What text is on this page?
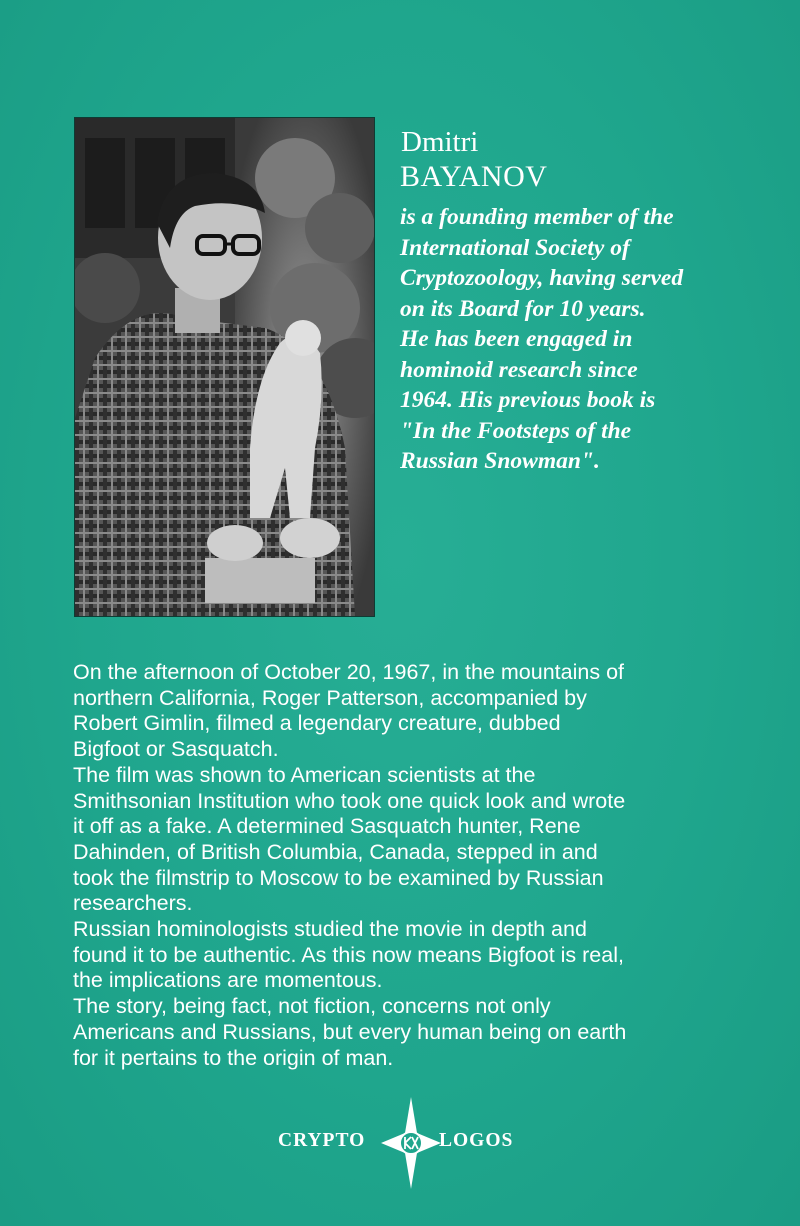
Dmitri
BAYANOV
is a founding member of the
International Society of
Cryptozoology, having served
on its Board for 10 years.
He has been engaged in
hominoid research since
1964. His previous book is
"In the Footsteps of the
Russian Snowman".
On the afternoon of October 20, 1967, in the mountains of
northern California, Roger Patterson, accompanied by
Robert Gimlin, filmed a legendary creature, dubbed
Bigfoot or Sasquatch.
The film was shown to American scientists at the
Smithsonian Institution who took one quick look and wrote
it off as a fake. A determined Sasquatch hunter, Rene
Dahinden, of British Columbia, Canada, stepped in and
took the filmstrip to Moscow to be examined by Russian
researchers.
Russian hominologists studied the movie in depth and
found it to be authentic. As this now means Bigfoot is real,
the implications are momentous.
The story, being fact, not fiction, concerns not only
Americans and Russians, but every human being on earth
for it pertains to the origin of man.
CRYPTO	LOGOS
